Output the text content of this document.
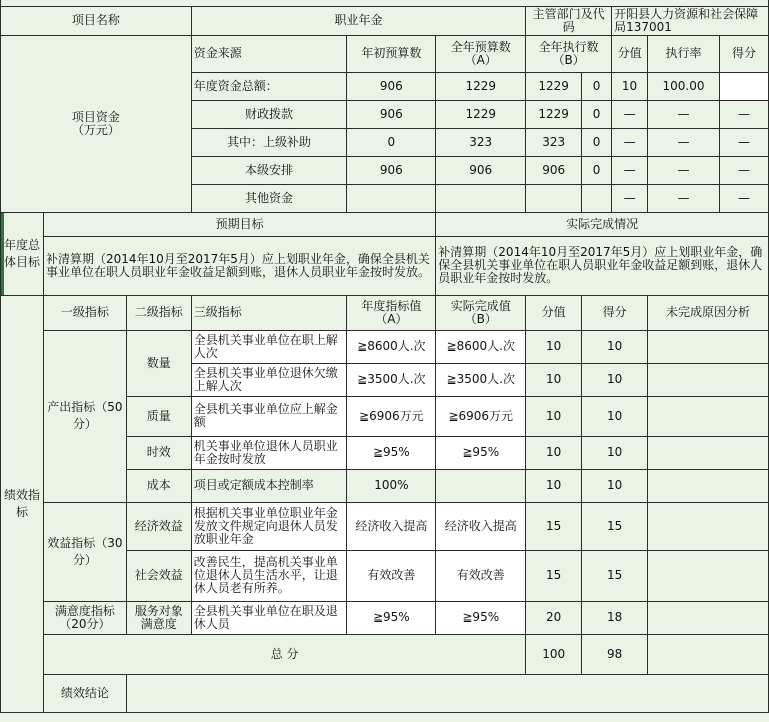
项目名称			职业年金			主管部门及代码		开阳县人力资源和社会保障局137001		
项目资金
（万元）			资金来源	年初预算数	全年预算数（A）	全年执行数（B）		分值	执行率	得分
			年度资金总额：	906	1229	1229	0	10	100.00	
			财政拨款	906	1229	1229	0	—	—	—
			其中：上级补助	0	323	323	0	—	—	—
			本级安排	906	906	906	0	—	—	—
			其他资金					—	—	—
年度总体目标	预期目标				实际完成情况					
	补清算期（2014年10月至2017年5月）应上划职业年金，确保全县机关事业单位在职人员职业年金收益足额到账，退休人员职业年金按时发放。				补清算期（2014年10月至2017年5月）应上划职业年金，确保全县机关事业单位在职人员职业年金收益足额到账，退休人员职业年金按时发放。					
绩效指标	一级指标	二级指标	三级指标	年度指标值（A）	实际完成值（B）	分值	得分		未完成原因分析	
	产出指标（50分）	数量	全县机关事业单位在职上解人次	≧8600人.次	≧8600人.次	10	10			
			全县机关事业单位退休欠缴上解人次	≧3500人.次	≧3500人.次	10	10			
		质量	全县机关事业单位应上解金额	≧6906万元	≧6906万元	10	10			
		时效	机关事业单位退休人员职业年金按时发放	≧95%	≧95%	10	10			
		成本	项目或定额成本控制率	100%		10	10			
	效益指标（30分）	经济效益	根据机关事业单位职业年金发放文件规定向退休人员发放职业年金	经济收入提高	经济收入提高	15	15			
		社会效益	改善民生，提高机关事业单位退休人员生活水平，让退休人员老有所养。	有效改善	有效改善	15	15			
	满意度指标（20分）	服务对象满意度	全县机关事业单位在职及退休人员	≧95%	≧95%	20	18			
	总 分					100	98			
	绩效结论									
